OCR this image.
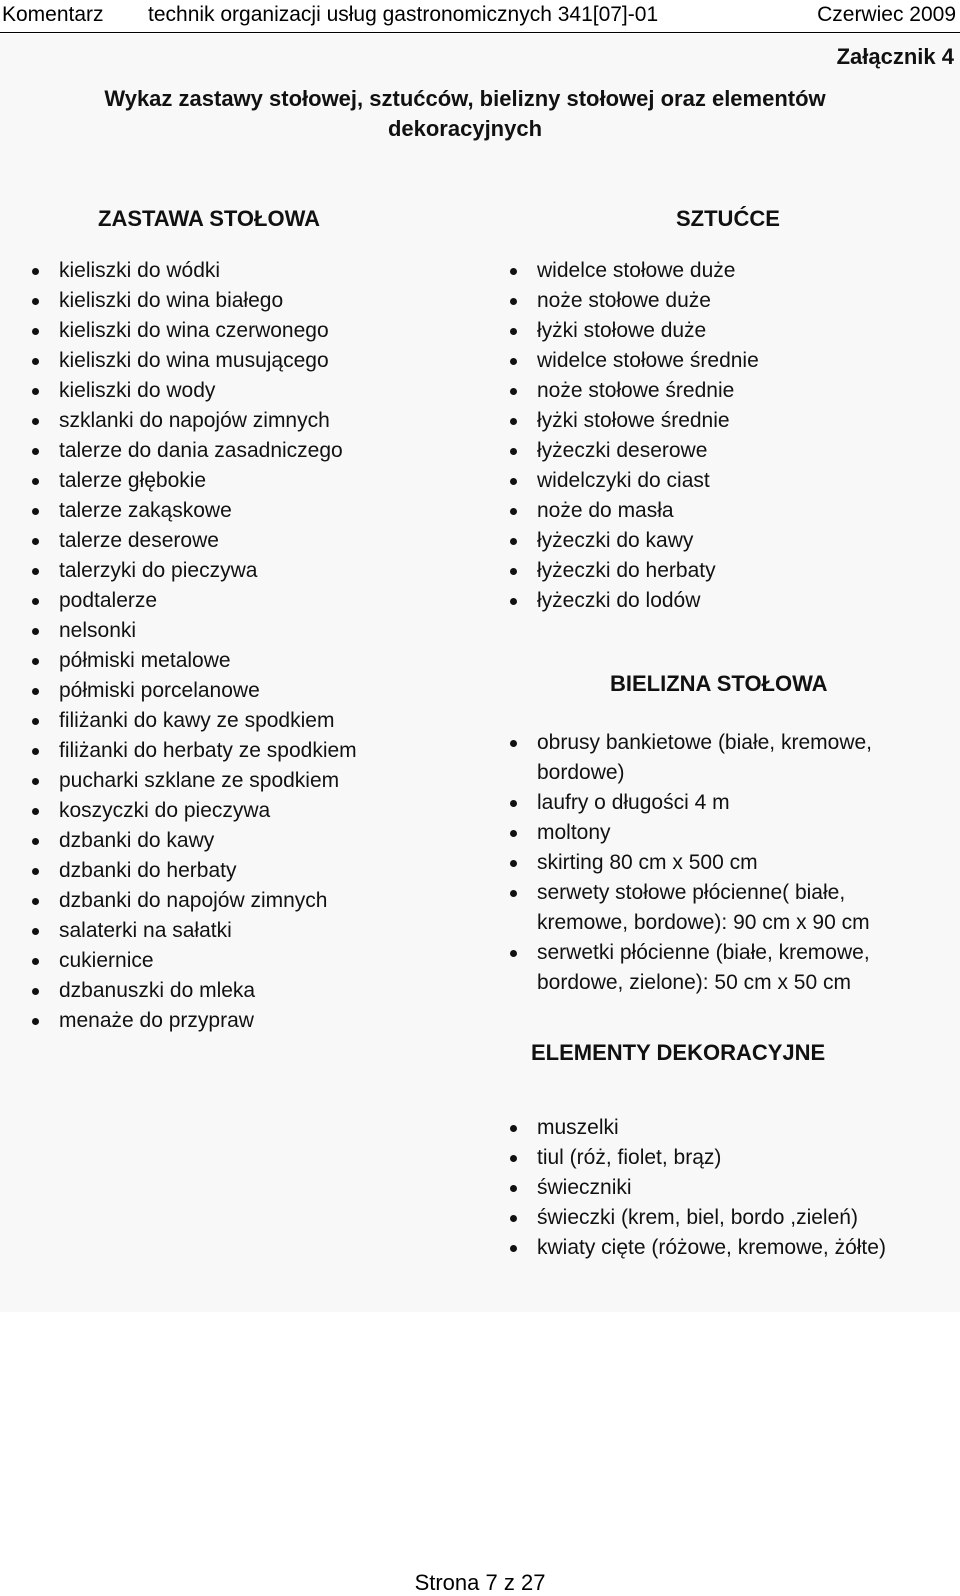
Komentarz technik organizacji usług gastronomicznych 341[07]-01	Czerwiec 2009
Załącznik 4
Wykaz zastawy stołowej, sztućców, bielizny stołowej oraz elementów
dekoracyjnych
ZASTAWA STOŁOWA
kieliszki do wódki
kieliszki do wina białego
kieliszki do wina czerwonego
kieliszki do wina musującego
kieliszki do wody
szklanki do napojów zimnych
talerze do dania zasadniczego
talerze głębokie
talerze zakąskowe
talerze deserowe
talerzyki do pieczywa
podtalerze
nelsonki
półmiski metalowe
półmiski porcelanowe
filiżanki do kawy ze spodkiem
filiżanki do herbaty ze spodkiem
pucharki szklane ze spodkiem
koszyczki do pieczywa
dzbanki do kawy
dzbanki do herbaty
dzbanki do napojów zimnych
salaterki na sałatki
cukiernice
dzbanuszki do mleka
menaże do przypraw
SZTUĆCE
widelce stołowe duże
noże stołowe duże
łyżki stołowe duże
widelce stołowe średnie
noże stołowe średnie
łyżki stołowe średnie
łyżeczki deserowe
widelczyki do ciast
noże do masła
łyżeczki do kawy
łyżeczki do herbaty
łyżeczki do lodów
BIELIZNA STOŁOWA
obrusy bankietowe (białe, kremowe, bordowe)
laufry o długości 4 m
moltony
skirting 80 cm x 500 cm
serwety stołowe płócienne( białe, kremowe, bordowe): 90 cm x 90 cm
serwetki płócienne (białe, kremowe, bordowe, zielone): 50 cm x 50 cm
ELEMENTY DEKORACYJNE
muszelki
tiul (róż, fiolet, brąz)
świeczniki
świeczki (krem, biel, bordo ,zieleń)
kwiaty cięte (różowe, kremowe, żółte)
Strona 7 z 27
